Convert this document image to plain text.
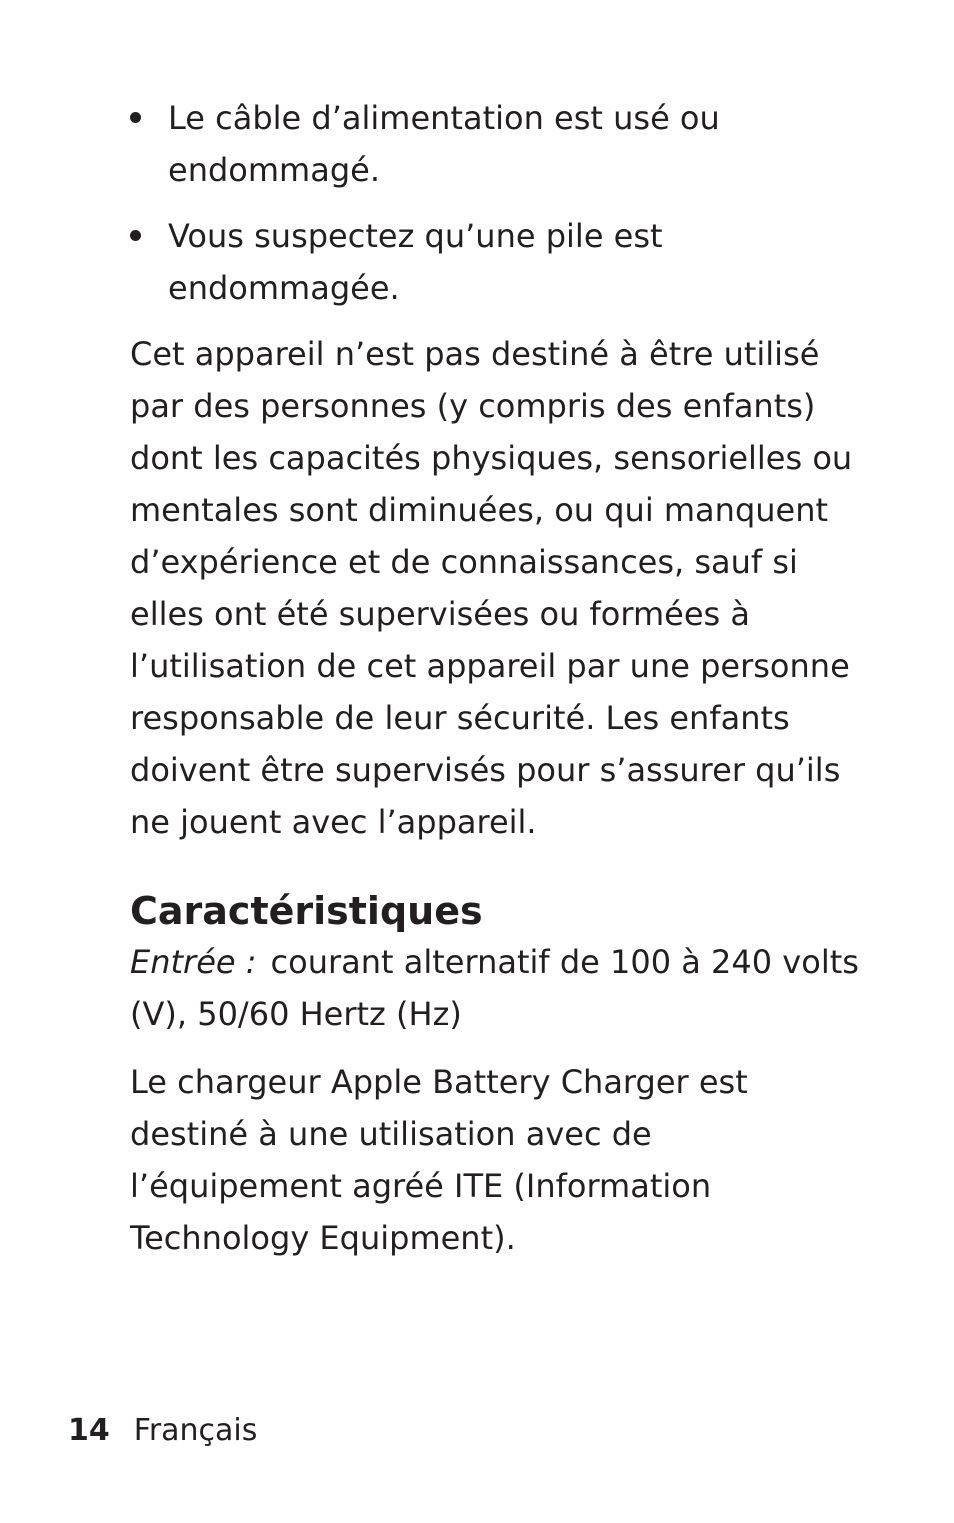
Le câble d’alimentation est usé ou endommagé.
Vous suspectez qu’une pile est endommagée.

Cet appareil n’est pas destiné à être utilisé par des personnes (y compris des enfants) dont les capacités physiques, sensorielles ou mentales sont diminuées, ou qui manquent d’expérience et de connaissances, sauf si elles ont été supervisées ou formées à l’utilisation de cet appareil par une personne responsable de leur sécurité. Les enfants doivent être supervisés pour s’assurer qu’ils ne jouent avec l’appareil.

Caractéristiques

Entrée : courant alternatif de 100 à 240 volts (V), 50/60 Hertz (Hz)

Le chargeur Apple Battery Charger est destiné à une utilisation avec de l’équipement agréé ITE (Information Technology Equipment).

14 Français
